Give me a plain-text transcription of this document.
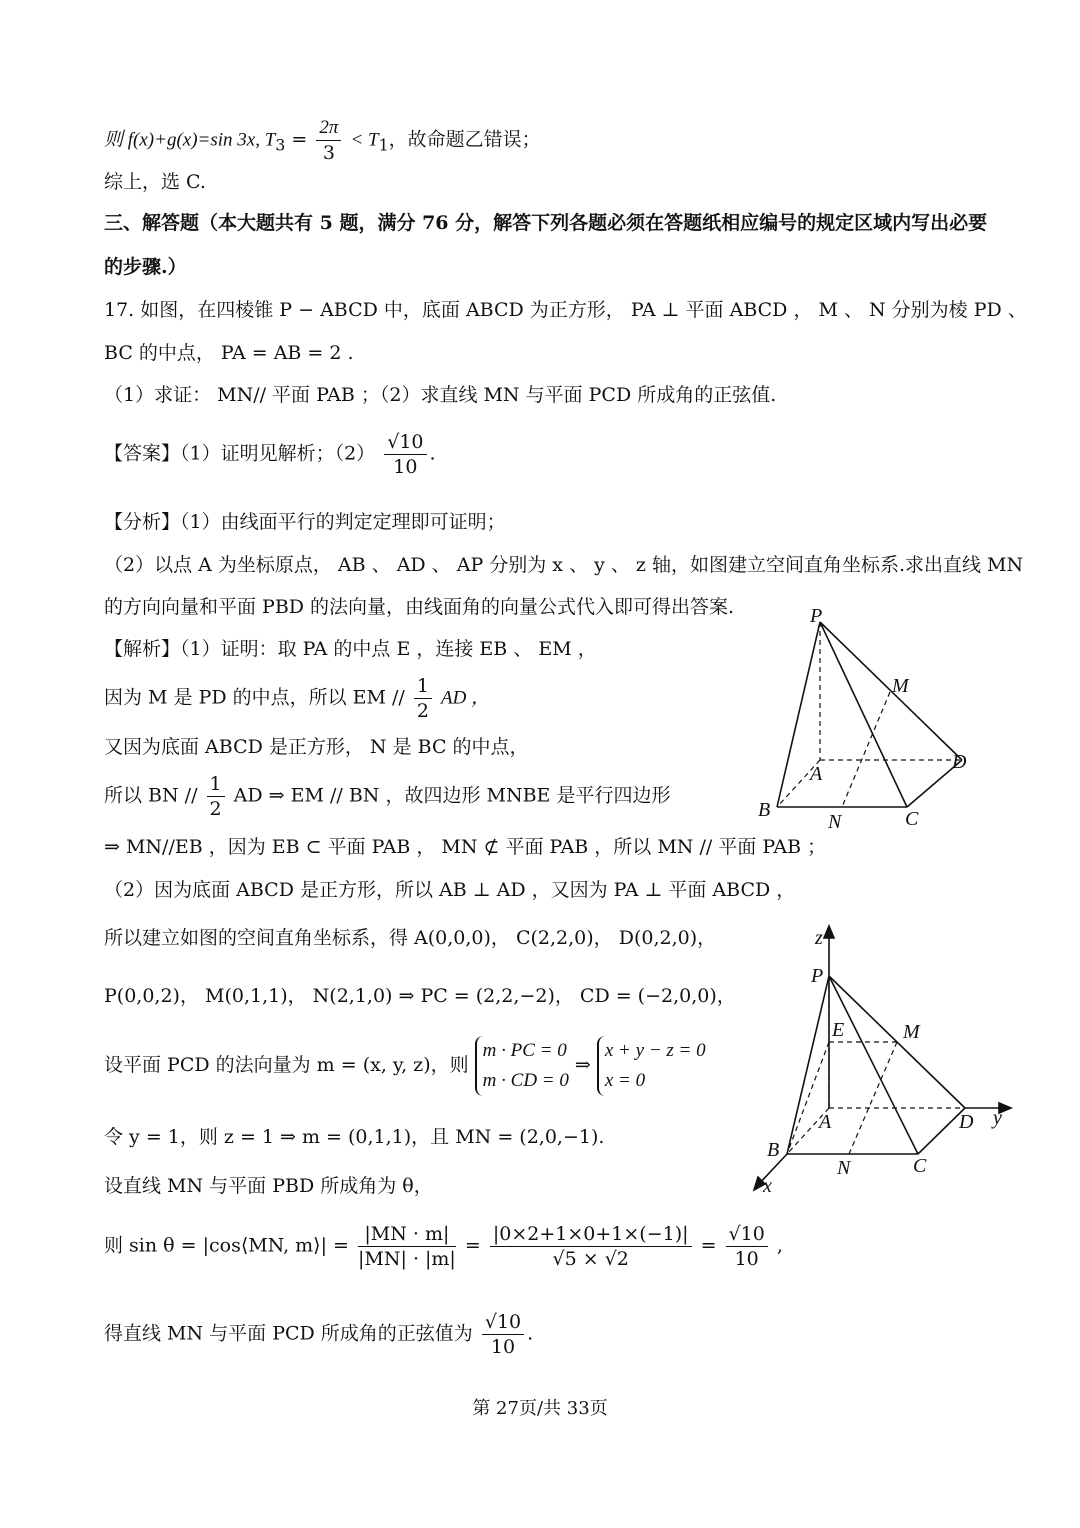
则 f(x)+g(x)=sin 3x, $T_3 = \frac{2\pi}{3} < T_1$，故命题乙错误；
综上，选 C.
三、解答题（本大题共有 5 题，满分 76 分，解答下列各题必须在答题纸相应编号的规定区域内写出必要
的步骤.）
17. 如图，在四棱锥 P − ABCD 中，底面 ABCD 为正方形， PA ⊥ 平面 ABCD ， M 、 N 分别为棱 PD 、
BC 的中点， PA = AB = 2 .
（1）求证： MN// 平面 PAB ；（2）求直线 MN 与平面 PCD 所成角的正弦值.
【答案】（1）证明见解析；$(2) \frac{√10}{10}$ .
【分析】（1）由线面平行的判定定理即可证明；
（2）以点 A 为坐标原点， AB 、 AD 、 AP 分别为 x 、 y 、 z 轴，如图建立空间直角坐标系.求出直线 MN
的方向向量和平面 PBD 的法向量，由线面角的向量公式代入即可得出答案.
【解析】（1）证明：取 PA 的中点 E ，连接 EB 、 EM ，
因为 M 是 PD 的中点，所以 EM // $\frac{1}{2}$ AD ，
又因为底面 ABCD 是正方形， N 是 BC 的中点，
所以 BN // $\frac{1}{2}$ AD ⇒ EM // BN ，故四边形 MNBE 是平行四边形
⇒ MN//EB ，因为 EB ⊂ 平面 PAB ， MN ⊄ 平面 PAB ，所以 MN // 平面 PAB ；
（2）因为底面 ABCD 是正方形，所以 AB ⊥ AD ，又因为 PA ⊥ 平面 ABCD ，
所以建立如图的空间直角坐标系，得 A(0,0,0)， C(2,2,0)， D(0,2,0)，
P(0,0,2)， M(0,1,1)， N(2,1,0) ⇒ PC = (2,2,−2)， CD = (−2,0,0)，
设平面 PCD 的法向量为 m = (x, y, z)，则
m · PC = 0
m · CD = 0
⇒
x + y − z = 0
x = 0
令 y = 1，则 z = 1 ⇒ m = (0,1,1)，且 MN = (2,0,−1).
设直线 MN 与平面 PBD 所成角为 θ，
则 sin θ = |cos⟨MN, m⟩| = $\frac{|MN \cdot m|}{|MN| \cdot |m|} = \frac{|0\times 2+1\times 0+1\times(-1)|}{√5 \times √2} = \frac{√10}{10}$ ,
得直线 MN 与平面 PCD 所成角的正弦值为 $\frac{√10}{10}$ .
P
M
A
D
B
N	C
z
P
E	M
A	D y
B
N	C
x
第 27页/共 33页
